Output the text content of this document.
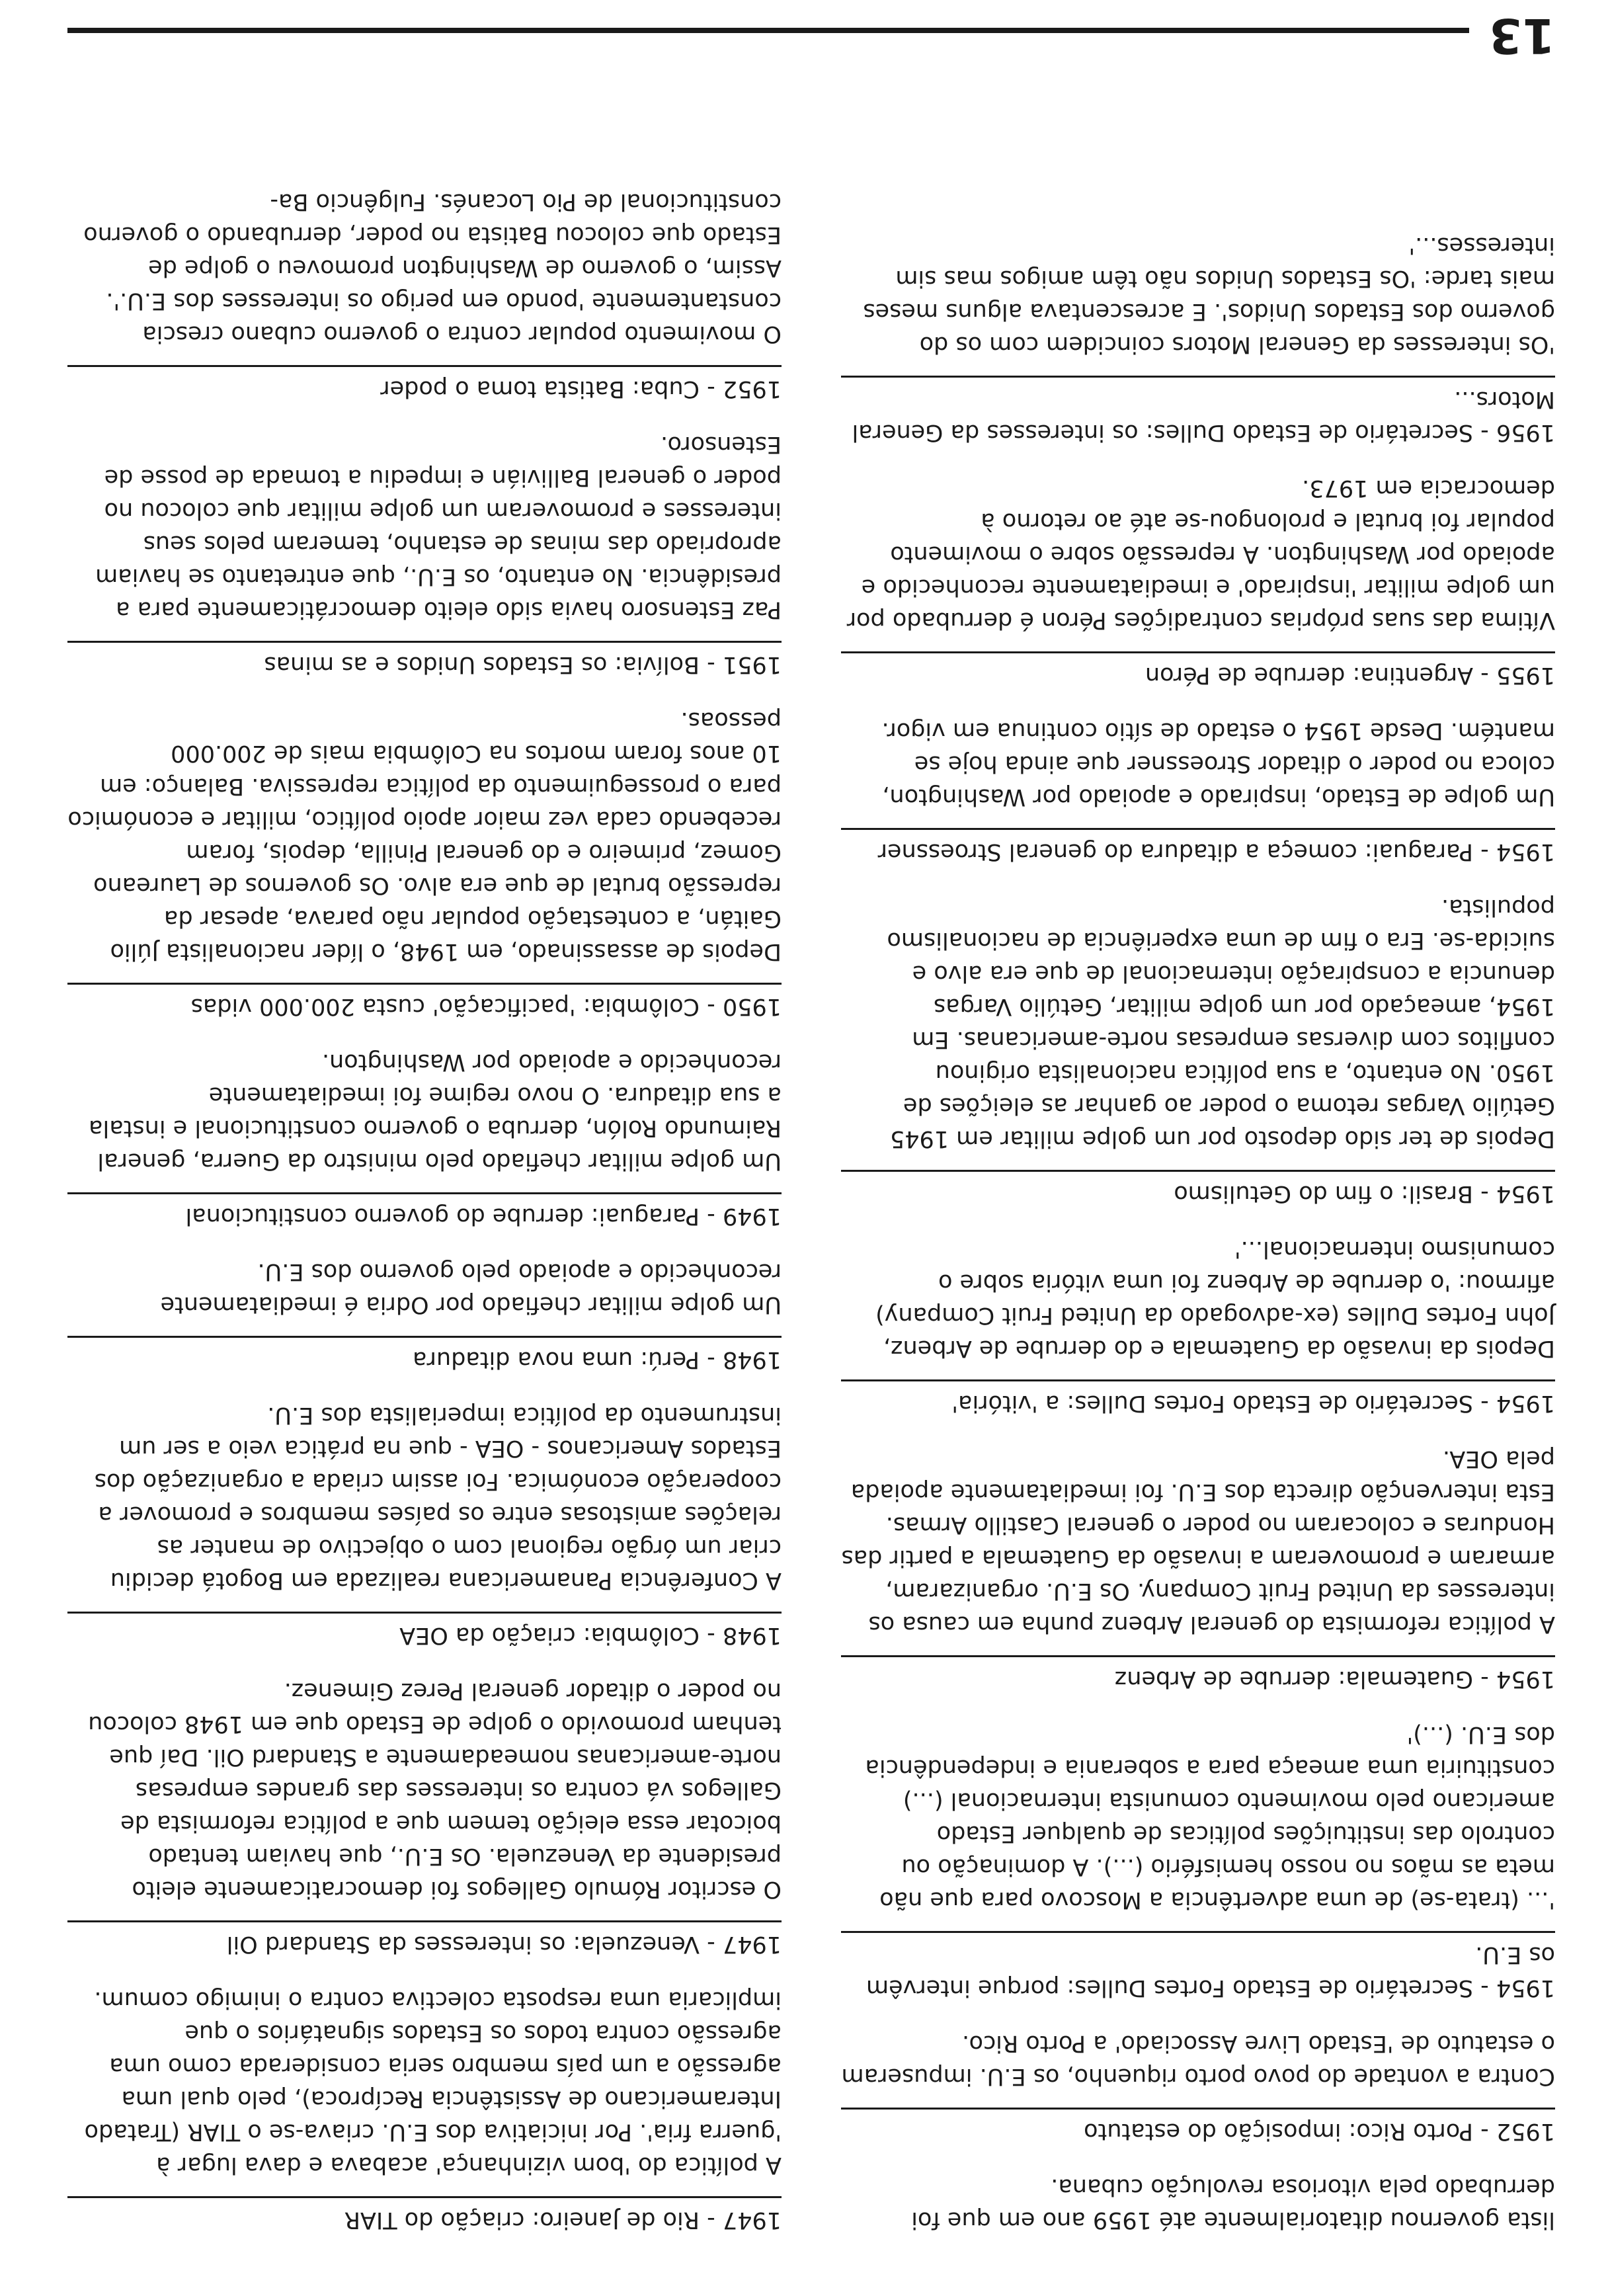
lista governou ditatorialmente até 1959 ano em que foi derrubado pela vitoriosa revolução cubana.

1952 - Porto Rico: imposição do estatuto

Contra a vontade do povo porto riquenho, os E.U. impuseram o estatuto de 'Estado Livre Associado' a Porto Rico.

1954 - Secretário de Estado Fortes Dulles: porque intervêm os E.U.

'... (trata-se) de uma advertência a Moscovo para que não meta as mãos no nosso hemisfério (...). A dominação ou controlo das instituições políticas de qualquer Estado americano pelo movimento comunista internacional (...) constituiria uma ameaça para a soberania e independência dos E.U. (...)'

1954 - Guatemala: derrube de Arbenz

A política reformista do general Arbenz punha em causa os interesses da United Fruit Company. Os E.U. organizaram, armaram e promoveram a invasão da Guatemala a partir das Honduras e colocaram no poder o general Castillo Armas. Esta intervenção directa dos E.U. foi imediatamente apoiada pela OEA.

1954 - Secretário de Estado Fortes Dulles: a 'vitória'

Depois da invasão da Guatemala e do derrube de Arbenz, John Fortes Dulles (ex-advogado da United Fruit Company) afirmou: 'o derrube de Arbenz foi uma vitória sobre o comunismo internacional...'

1954 - Brasil: o fim do Getulismo

Depois de ter sido deposto por um golpe militar em 1945 Getúlio Vargas retoma o poder ao ganhar as eleições de 1950. No entanto, a sua política nacionalista originou conflitos com diversas empresas norte-americanas. Em 1954, ameaçado por um golpe militar, Getúlio Vargas denuncia a conspiração internacional de que era alvo e suicida-se. Era o fim de uma experiência de nacionalismo populista.

1954 - Paraguai: começa a ditadura do general Stroessner

Um golpe de Estado, inspirado e apoiado por Washington, coloca no poder o ditador Stroessner que ainda hoje se mantém. Desde 1954 o estado de sítio continua em vigor.

1955 - Argentina: derrube de Péron

Vítima das suas próprias contradições Péron é derrubado por um golpe militar 'inspirado' e imediatamente reconhecido e apoiado por Washington. A repressão sobre o movimento popular foi brutal e prolongou-se até ao retorno à democracia em 1973.

1956 - Secretário de Estado Dulles: os interesses da General Motors...

'Os interesses da General Motors coincidem com os do governo dos Estados Unidos'. E acrescentava alguns meses mais tarde: 'Os Estados Unidos não têm amigos mas sim interesses...'

1947 - Rio de Janeiro: criação do TIAR

A política do 'bom vizinhança' acabava e dava lugar à 'guerra fria'. Por iniciativa dos E.U. criava-se o TIAR (Tratado Interamericano de Assistência Recíproca), pelo qual uma agressão a um país membro seria considerada como uma agressão contra todos os Estados signatários o que implicaria uma resposta colectiva contra o inimigo comum.

1947 - Venezuela: os interesses da Standard Oil

O escritor Rómulo Gallegos foi democraticamente eleito presidente da Venezuela. Os E.U., que haviam tentado boicotar essa eleição temem que a política reformista de Gallegos vá contra os interesses das grandes empresas norte-americanas nomeadamente a Standard Oil. Daí que tenham promovido o golpe de Estado que em 1948 colocou no poder o ditador general Perez Gimenez.

1948 - Colômbia: criação da OEA

A Conferência Panamericana realizada em Bogotá decidiu criar um órgão regional com o objectivo de manter as relações amistosas entre os países membros e promover a cooperação económica. Foi assim criada a organização dos Estados Americanos - OEA - que na prática veio a ser um instrumento da política imperialista dos E.U.

1948 - Perú: uma nova ditadura

Um golpe militar chefiado por Odria é imediatamente reconhecido e apoiado pelo governo dos E.U.

1949 - Paraguai: derrube do governo constitucional

Um golpe militar chefiado pelo ministro da Guerra, general Raimundo Rolón, derruba o governo constitucional e instala a sua ditadura. O novo regime foi imediatamente reconhecido e apoiado por Washington.

1950 - Colômbia: 'pacificação' custa 200.000 vidas

Depois de assassinado, em 1948, o líder nacionalista Júlio Gaitán, a contestação popular não parava, apesar da repressão brutal de que era alvo. Os governos de Laureano Gomez, primeiro e do general Pinilla, depois, foram recebendo cada vez maior apoio político, militar e económico para o prosseguimento da política repressiva. Balanço: em 10 anos foram mortos na Colômbia mais de 200.000 pessoas.

1951 - Bolívia: os Estados Unidos e as minas

Paz Estensoro havia sido eleito democráticamente para a presidência. No entanto, os E.U., que entretanto se haviam apropriado das minas de estanho, temeram pelos seus interesses e promoveram um golpe militar que colocou no poder o general Ballivián e impediu a tomada de posse de Estensoro.

1952 - Cuba: Batista toma o poder

O movimento popular contra o governo cubano crescia constantemente 'pondo em perigo os interesses dos E.U.'. Assim, o governo de Washington promoveu o golpe de Estado que colocou Batista no poder, derrubando o governo constitucional de Pio Locanés. Fulgêncio Ba-

13
